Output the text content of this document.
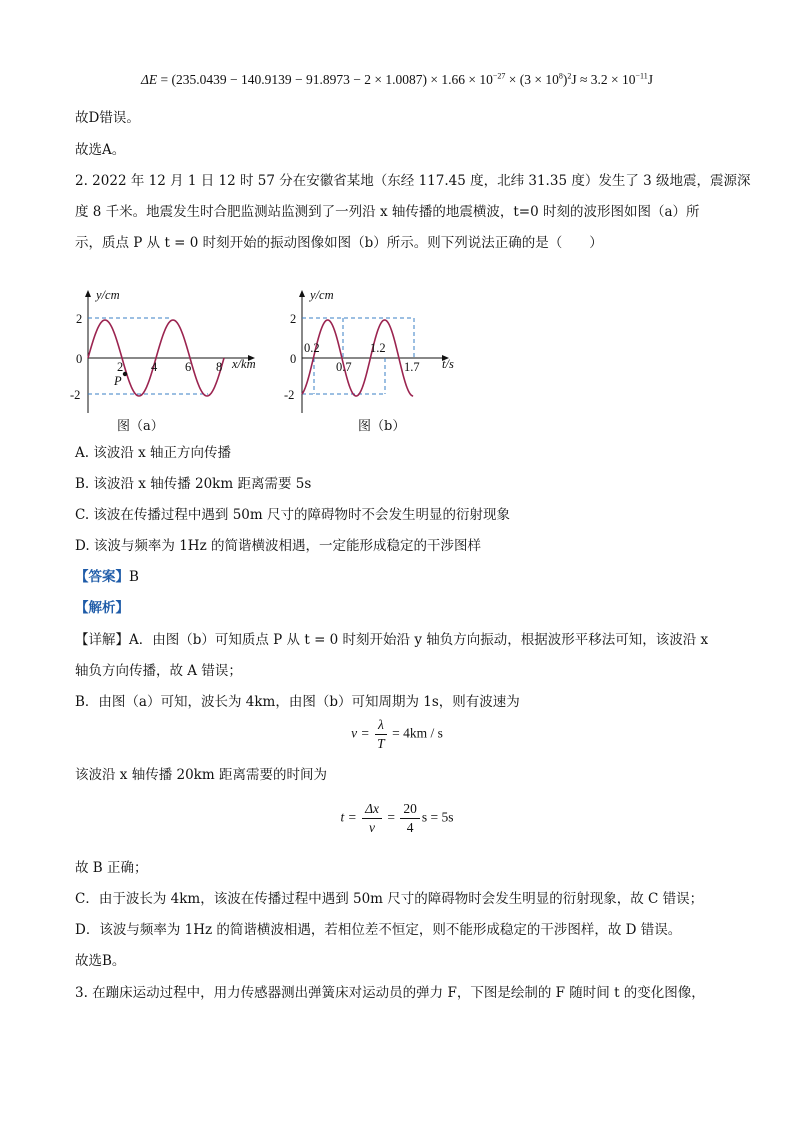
$\Delta E = (235.0439 - 140.9139 - 91.8973 - 2 \times 1.0087) \times 1.66 \times 10^{-27} \times (3 \times 10^8)^2J \approx 3.2 \times 10^{-11}J$
故D错误。
故选A。
2. 2022 年 12 月 1 日 12 时 57 分在安徽省某地（东经 117.45 度，北纬 31.35 度）发生了 3 级地震，震源深
度 8 千米。地震发生时合肥监测站监测到了一列沿 x 轴传播的地震横波，t=0 时刻的波形图如图（a）所
示，质点 P 从 t = 0 时刻开始的振动图像如图（b）所示。则下列说法正确的是（　　）
y/cm
x/km
2
0
-2
2 4 6 8
P
图（a）
y/cm
t/s
2
0
-2
0.2
0.7
1.2
1.7
图（b）
A. 该波沿 x 轴正方向传播
B. 该波沿 x 轴传播 20km 距离需要 5s
C. 该波在传播过程中遇到 50m 尺寸的障碍物时不会发生明显的衍射现象
D. 该波与频率为 1Hz 的简谐横波相遇，一定能形成稳定的干涉图样
【答案】B
【解析】
【详解】A．由图（b）可知质点 P 从 t = 0 时刻开始沿 y 轴负方向振动，根据波形平移法可知，该波沿 x
轴负方向传播，故 A 错误；
B．由图（a）可知，波长为 4km，由图（b）可知周期为 1s，则有波速为
$v = \frac{\lambda}{T} = 4km / s$
该波沿 x 轴传播 20km 距离需要的时间为
$t = \frac{\Delta x}{v} = \frac{20}{4}$ s = 5s
故 B 正确；
C．由于波长为 4km，该波在传播过程中遇到 50m 尺寸的障碍物时会发生明显的衍射现象，故 C 错误；
D．该波与频率为 1Hz 的简谐横波相遇，若相位差不恒定，则不能形成稳定的干涉图样，故 D 错误。
故选B。
3. 在蹦床运动过程中，用力传感器测出弹簧床对运动员的弹力 F，下图是绘制的 F 随时间 t 的变化图像，
